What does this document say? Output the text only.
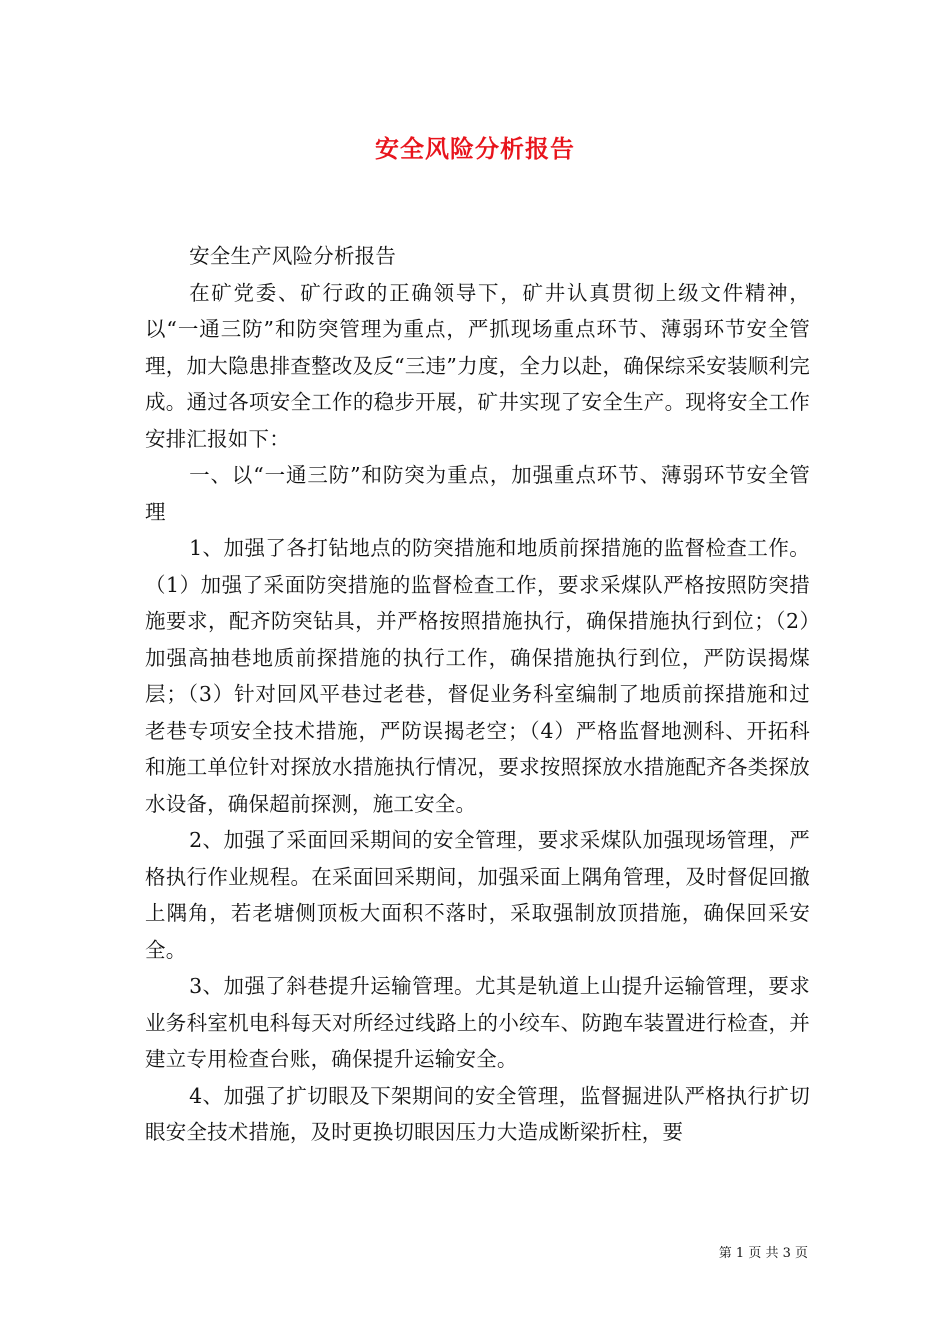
安全风险分析报告

安全生产风险分析报告

在矿党委、矿行政的正确领导下，矿井认真贯彻上级文件精神，以“一通三防”和防突管理为重点，严抓现场重点环节、薄弱环节安全管理，加大隐患排查整改及反“三违”力度，全力以赴，确保综采安装顺利完成。通过各项安全工作的稳步开展，矿井实现了安全生产。现将安全工作安排汇报如下：

一、以“一通三防”和防突为重点，加强重点环节、薄弱环节安全管理

1、加强了各打钻地点的防突措施和地质前探措施的监督检查工作。（1）加强了采面防突措施的监督检查工作，要求采煤队严格按照防突措施要求，配齐防突钻具，并严格按照措施执行，确保措施执行到位；（2）加强高抽巷地质前探措施的执行工作，确保措施执行到位，严防误揭煤层；（3）针对回风平巷过老巷，督促业务科室编制了地质前探措施和过老巷专项安全技术措施，严防误揭老空；（4）严格监督地测科、开拓科和施工单位针对探放水措施执行情况，要求按照探放水措施配齐各类探放水设备，确保超前探测，施工安全。

2、加强了采面回采期间的安全管理，要求采煤队加强现场管理，严格执行作业规程。在采面回采期间，加强采面上隅角管理，及时督促回撤上隅角，若老塘侧顶板大面积不落时，采取强制放顶措施，确保回采安全。

3、加强了斜巷提升运输管理。尤其是轨道上山提升运输管理，要求业务科室机电科每天对所经过线路上的小绞车、防跑车装置进行检查，并建立专用检查台账，确保提升运输安全。

4、加强了扩切眼及下架期间的安全管理，监督掘进队严格执行扩切眼安全技术措施，及时更换切眼因压力大造成断梁折柱，要

第 1 页 共 3 页
